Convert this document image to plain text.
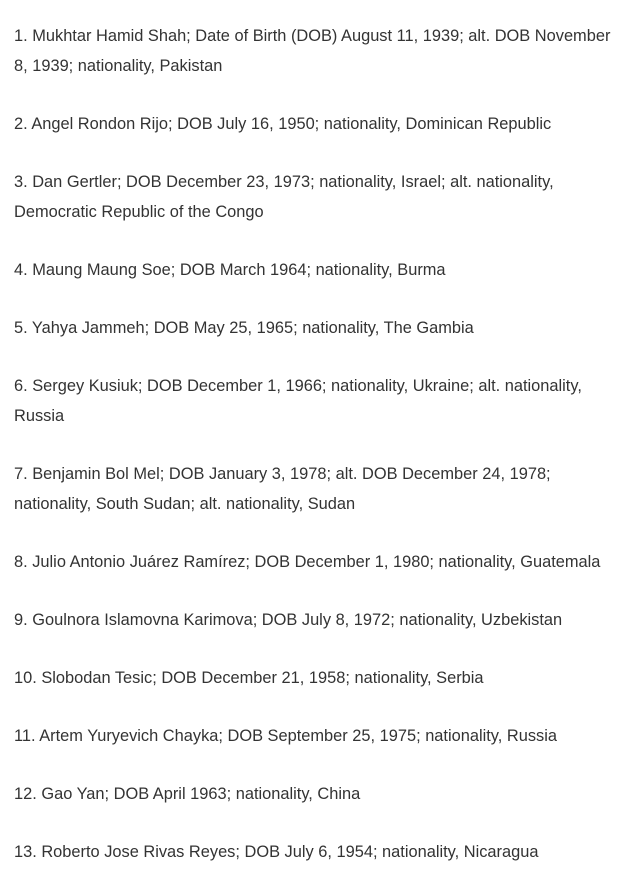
1. Mukhtar Hamid Shah; Date of Birth (DOB) August 11, 1939; alt. DOB November 8, 1939; nationality, Pakistan

2. Angel Rondon Rijo; DOB July 16, 1950; nationality, Dominican Republic

3. Dan Gertler; DOB December 23, 1973; nationality, Israel; alt. nationality, Democratic Republic of the Congo

4. Maung Maung Soe; DOB March 1964; nationality, Burma

5. Yahya Jammeh; DOB May 25, 1965; nationality, The Gambia

6. Sergey Kusiuk; DOB December 1, 1966; nationality, Ukraine; alt. nationality, Russia

7. Benjamin Bol Mel; DOB January 3, 1978; alt. DOB December 24, 1978; nationality, South Sudan; alt. nationality, Sudan

8. Julio Antonio Juárez Ramírez; DOB December 1, 1980; nationality, Guatemala

9. Goulnora Islamovna Karimova; DOB July 8, 1972; nationality, Uzbekistan

10. Slobodan Tesic; DOB December 21, 1958; nationality, Serbia

11. Artem Yuryevich Chayka; DOB September 25, 1975; nationality, Russia

12. Gao Yan; DOB April 1963; nationality, China

13. Roberto Jose Rivas Reyes; DOB July 6, 1954; nationality, Nicaragua
